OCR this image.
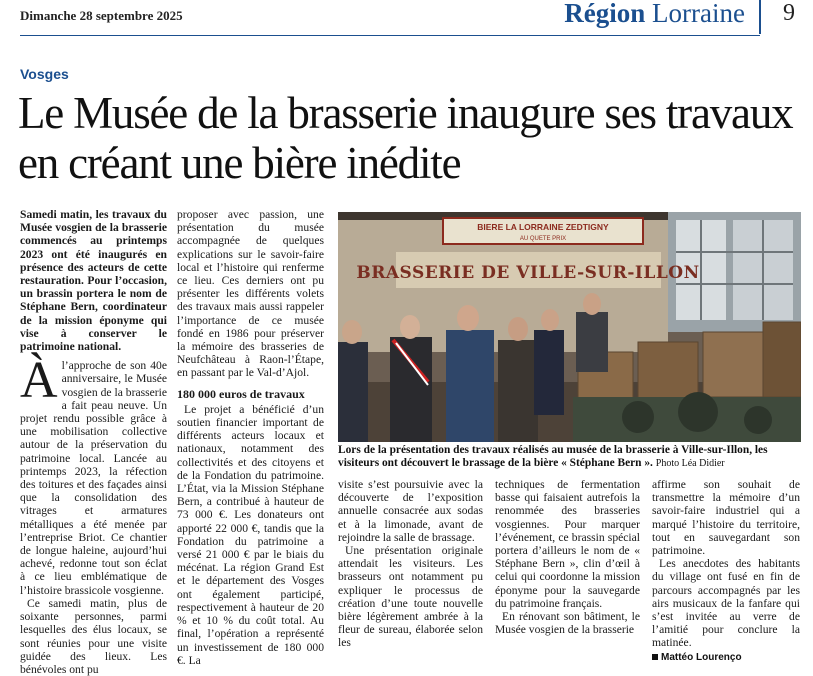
Dimanche 28 septembre 2025	Région Lorraine 9
Vosges
Le Musée de la brasserie inaugure ses travaux en créant une bière inédite

Samedi matin, les travaux du Musée vosgien de la brasserie commencés au printemps 2023 ont été inaugurés en présence des acteurs de cette restauration. Pour l’occasion, un brassin portera le nom de Stéphane Bern, coordinateur de la mission éponyme qui vise à conserver le patrimoine national.

Àl’approche de son 40e anniversaire, le Musée vosgien de la brasserie a fait peau neuve. Un projet rendu possible grâce à une mobilisation collective autour de la préservation du patrimoine local. Lancée au printemps 2023, la réfection des toitures et des façades ainsi que la consolidation des vitrages et armatures métalliques a été menée par l’entreprise Briot. Ce chantier de longue haleine, aujourd’hui achevé, redonne tout son éclat à ce lieu emblématique de l’histoire brassicole vosgienne.

Ce samedi matin, plus de soixante personnes, parmi lesquelles des élus locaux, se sont réunies pour une visite guidée des lieux. Les bénévoles ont pu

proposer avec passion, une présentation du musée accompagnée de quelques explications sur le savoir-faire local et l’histoire qui renferme ce lieu. Ces derniers ont pu présenter les différents volets des travaux mais aussi rappeler l’importance de ce musée fondé en 1986 pour préserver la mémoire des brasseries de Neufchâteau à Raon-l’Étape, en passant par le Val-d’Ajol.

180 000 euros de travaux

Le projet a bénéficié d’un soutien financier important de différents acteurs locaux et nationaux, notamment des collectivités et des citoyens et de la Fondation du patrimoine. L’État, via la Mission Stéphane Bern, a contribué à hauteur de 73 000 €. Les donateurs ont apporté 22 000 €, tandis que la Fondation du patrimoine a versé 21 000 € par le biais du mécénat. La région Grand Est et le département des Vosges ont également participé, respectivement à hauteur de 20 % et 10 % du coût total. Au final, l’opération a représenté un investissement de 180 000 €. La

BIERE LA LORRAINE ZEDTIGNY
AU QUETE PRIX
BRASSERIE DE VILLE-SUR-ILLON
Lors de la présentation des travaux réalisés au musée de la brasserie à Ville-sur-Illon, les visiteurs ont découvert le brassage de la bière « Stéphane Bern ». Photo Léa Didier

visite s’est poursuivie avec la découverte de l’exposition annuelle consacrée aux sodas et à la limonade, avant de rejoindre la salle de brassage.

Une présentation originale attendait les visiteurs. Les brasseurs ont notamment pu expliquer le processus de création d’une toute nouvelle bière légèrement ambrée à la fleur de sureau, élaborée selon les

techniques de fermentation basse qui faisaient autrefois la renommée des brasseries vosgiennes. Pour marquer l’événement, ce brassin spécial portera d’ailleurs le nom de « Stéphane Bern », clin d’œil à celui qui coordonne la mission éponyme pour la sauvegarde du patrimoine français.

En rénovant son bâtiment, le Musée vosgien de la brasserie

affirme son souhait de transmettre la mémoire d’un savoir-faire industriel qui a marqué l’histoire du territoire, tout en sauvegardant son patrimoine.

Les anecdotes des habitants du village ont fusé en fin de parcours accompagnés par les airs musicaux de la fanfare qui s’est invitée au verre de l’amitié pour conclure la matinée.

Mattéo Lourenço
